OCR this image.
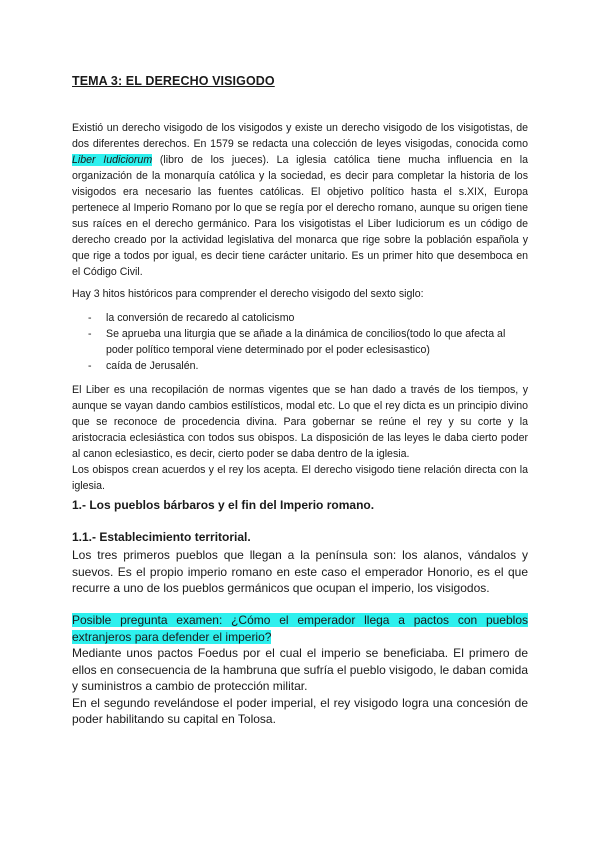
TEMA 3: EL DERECHO VISIGODO

Existió un derecho visigodo de los visigodos y existe un derecho visigodo de los visigotistas, de dos diferentes derechos. En 1579 se redacta una colección de leyes visigodas, conocida como Liber Iudiciorum (libro de los jueces). La iglesia católica tiene mucha influencia en la organización de la monarquía católica y la sociedad, es decir para completar la historia de los visigodos era necesario las fuentes católicas. El objetivo político hasta el s.XIX, Europa pertenece al Imperio Romano por lo que se regía por el derecho romano, aunque su origen tiene sus raíces en el derecho germánico. Para los visigotistas el Liber Iudiciorum es un código de derecho creado por la actividad legislativa del monarca que rige sobre la población española y que rige a todos por igual, es decir tiene carácter unitario. Es un primer hito que desemboca en el Código Civil.

Hay 3 hitos históricos para comprender el derecho visigodo del sexto siglo:

- la conversión de recaredo al catolicismo
- Se aprueba una liturgia que se añade a la dinámica de concilios(todo lo que afecta al poder político temporal viene determinado por el poder eclesisastico)
- caída de Jerusalén.
El Liber es una recopilación de normas vigentes que se han dado a través de los tiempos, y aunque se vayan dando cambios estilísticos, modal etc. Lo que el rey dicta es un principio divino que se reconoce de procedencia divina. Para gobernar se reúne el rey y su corte y la aristocracia eclesiástica con todos sus obispos. La disposición de las leyes le daba cierto poder al canon eclesiastico, es decir, cierto poder se daba dentro de la iglesia.
Los obispos crean acuerdos y el rey los acepta. El derecho visigodo tiene relación directa con la iglesia.
1.- Los pueblos bárbaros y el fin del Imperio romano.
1.1.- Establecimiento territorial.

Los tres primeros pueblos que llegan a la península son: los alanos, vándalos y suevos. Es el propio imperio romano en este caso el emperador Honorio, es el que recurre a uno de los pueblos germánicos que ocupan el imperio, los visigodos.

Posible pregunta examen: ¿Cómo el emperador llega a pactos con pueblos extranjeros para defender el imperio?

Mediante unos pactos Foedus por el cual el imperio se beneficiaba. El primero de ellos en consecuencia de la hambruna que sufría el pueblo visigodo, le daban comida y suministros a cambio de protección militar.
En el segundo revelándose el poder imperial, el rey visigodo logra una concesión de poder habilitando su capital en Tolosa.
